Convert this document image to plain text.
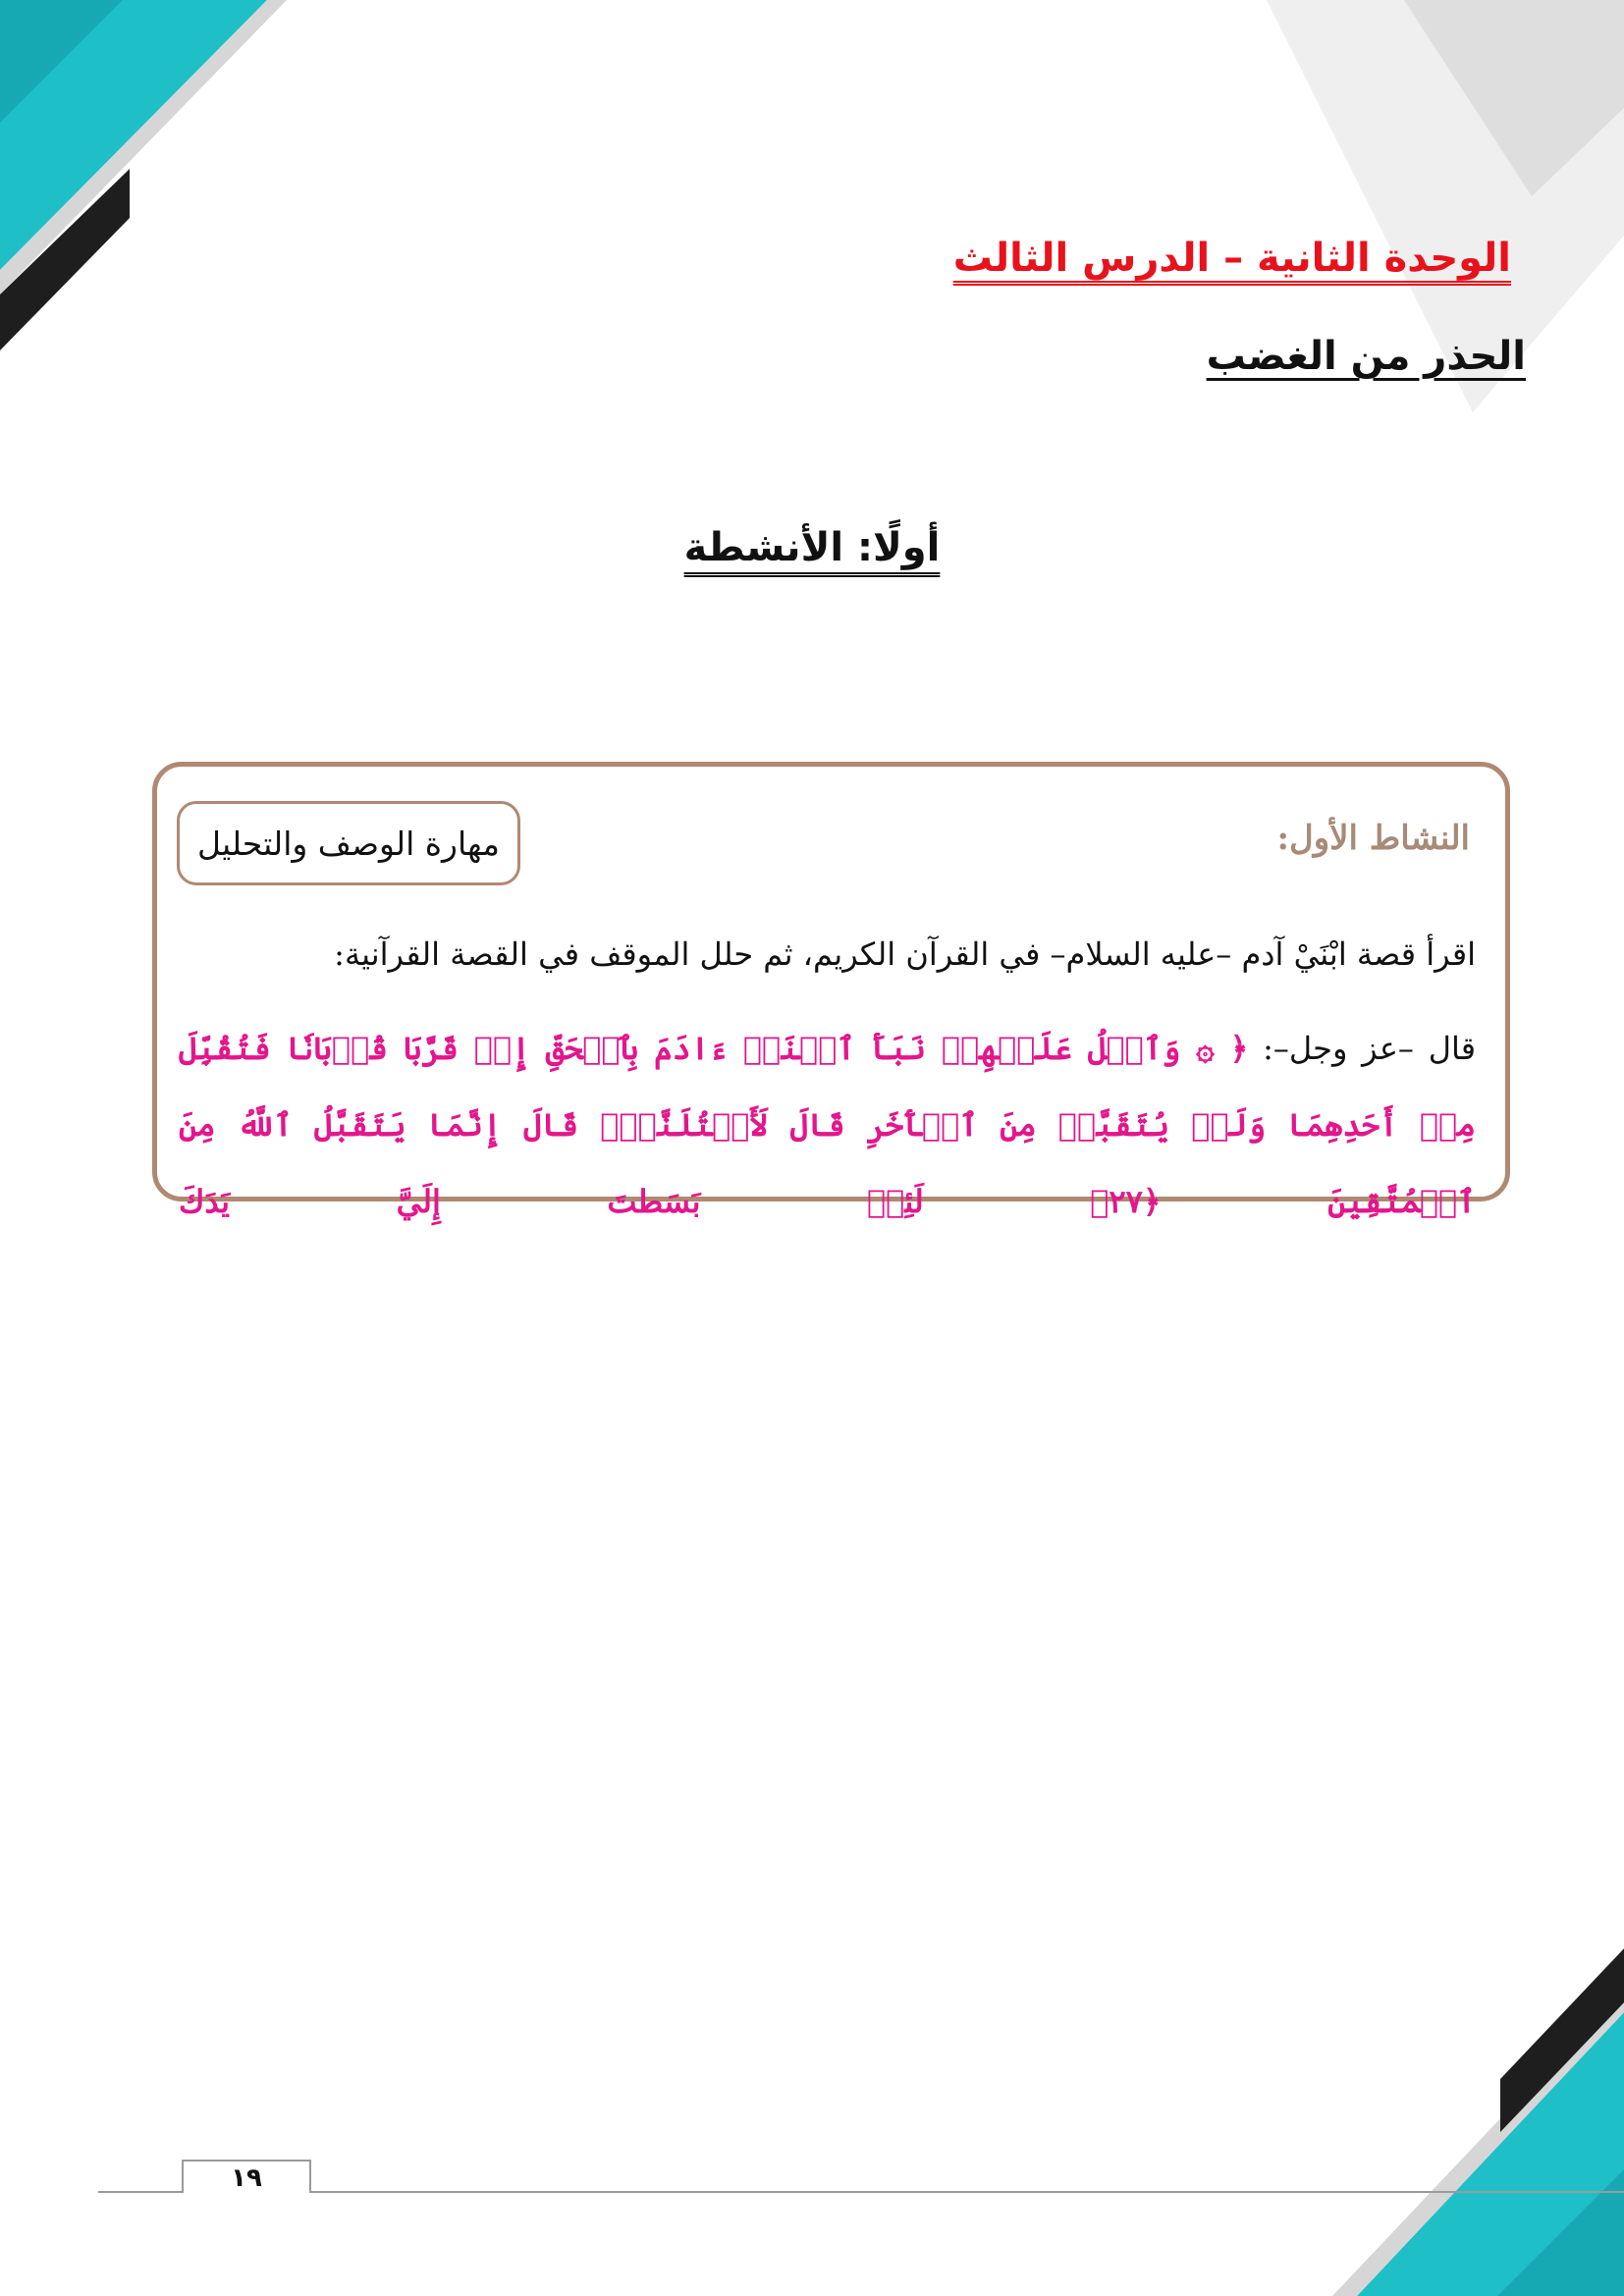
الوحدة الثانية – الدرس الثالث
الحذر من الغضب
أولًا: الأنشطة
النشاط الأول:
مهارة الوصف والتحليل
اقرأ قصة ابْنَيْ آدم –عليه السلام– في القرآن الكريم، ثم حلل الموقف في القصة القرآنية:
قال –عز وجل–: ﴿ ۞ وَٱتۡلُ عَلَيۡهِمۡ نَبَأَ ٱبۡنَيۡ ءَادَمَ بِٱلۡحَقِّ إِذۡ قَرَّبَا قُرۡبَانٗا فَتُقُبِّلَ مِنۡ أَحَدِهِمَا وَلَمۡ يُتَقَبَّلۡ مِنَ ٱلۡأٓخَرِ قَالَ لَأَقۡتُلَنَّكَۖ قَالَ إِنَّمَا يَتَقَبَّلُ ٱللَّهُ مِنَ ٱلۡمُتَّقِينَ ﴿٢٧﴾ لَئِنۢ بَسَطتَ إِلَيَّ يَدَكَ
١٩
